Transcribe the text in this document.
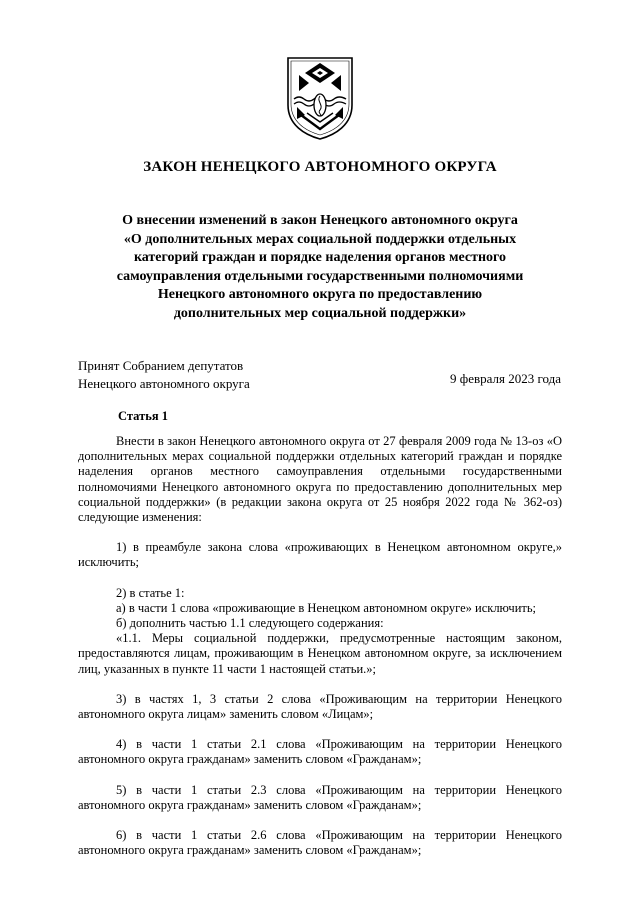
ЗАКОН НЕНЕЦКОГО АВТОНОМНОГО ОКРУГА
О внесении изменений в закон Ненецкого автономного округа
«О дополнительных мерах социальной поддержки отдельных
категорий граждан и порядке наделения органов местного
самоуправления отдельными государственными полномочиями
Ненецкого автономного округа по предоставлению
дополнительных мер социальной поддержки»
Принят Собранием депутатов
Ненецкого автономного округа	9 февраля 2023 года
Статья 1

Внести в закон Ненецкого автономного округа от 27 февраля 2009 года № 13-оз «О дополнительных мерах социальной поддержки отдельных категорий граждан и порядке наделения органов местного самоуправления отдельными государственными полномочиями Ненецкого автономного округа по предоставлению дополнительных мер социальной поддержки» (в редакции закона округа от 25 ноября 2022 года № 362-оз) следующие изменения:

1) в преамбуле закона слова «проживающих в Ненецком автономном округе,» исключить;

2) в статье 1:

а) в части 1 слова «проживающие в Ненецком автономном округе» исключить;

б) дополнить частью 1.1 следующего содержания:

«1.1. Меры социальной поддержки, предусмотренные настоящим законом, предоставляются лицам, проживающим в Ненецком автономном округе, за исключением лиц, указанных в пункте 11 части 1 настоящей статьи.»;

3) в частях 1, 3 статьи 2 слова «Проживающим на территории Ненецкого автономного округа лицам» заменить словом «Лицам»;

4) в части 1 статьи 2.1 слова «Проживающим на территории Ненецкого автономного округа гражданам» заменить словом «Гражданам»;

5) в части 1 статьи 2.3 слова «Проживающим на территории Ненецкого автономного округа гражданам» заменить словом «Гражданам»;

6) в части 1 статьи 2.6 слова «Проживающим на территории Ненецкого автономного округа гражданам» заменить словом «Гражданам»;
